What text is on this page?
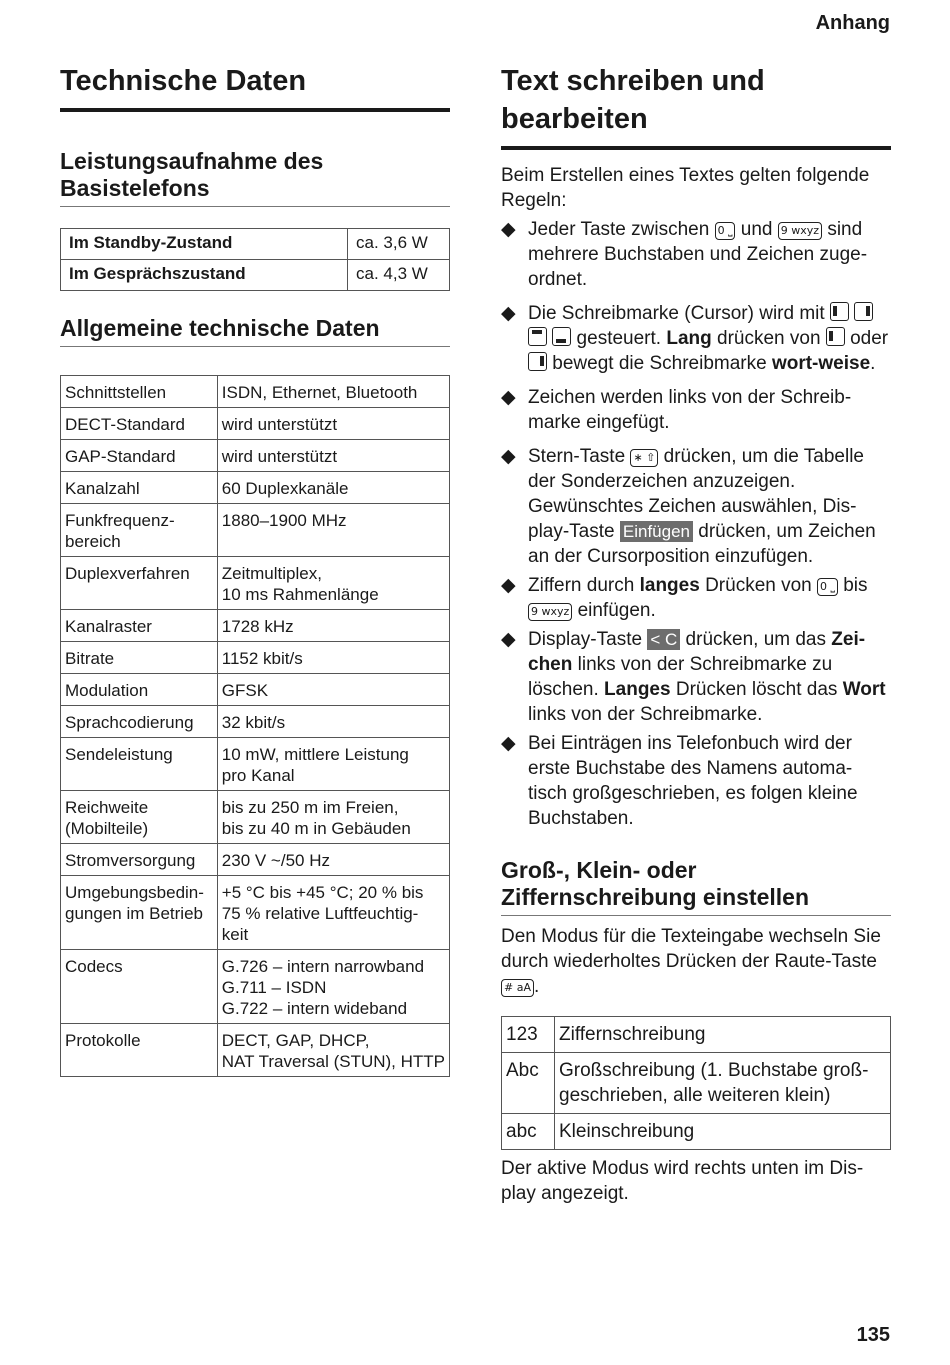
Anhang
Technische Daten
Leistungsaufnahme des
Basistelefons
Im Standby-Zustand	ca. 3,6 W
Im Gesprächszustand	ca. 4,3 W
Allgemeine technische Daten
Schnittstellen	ISDN, Ethernet, Bluetooth
DECT-Standard	wird unterstützt
GAP-Standard	wird unterstützt
Kanalzahl	60 Duplexkanäle
Funkfrequenz-
bereich	1880–1900 MHz
Duplexverfahren	Zeitmultiplex,
10 ms Rahmenlänge
Kanalraster	1728 kHz
Bitrate	1152 kbit/s
Modulation	GFSK
Sprachcodierung	32 kbit/s
Sendeleistung	10 mW, mittlere Leistung
pro Kanal
Reichweite
(Mobilteile)	bis zu 250 m im Freien,
bis zu 40 m in Gebäuden
Stromversorgung	230 V ~/50 Hz
Umgebungsbedin-
gungen im Betrieb	+5 °C bis +45 °C; 20 % bis
75 % relative Luftfeuchtig-
keit
Codecs	G.726 – intern narrowband
G.711 – ISDN
G.722 – intern wideband
Protokolle	DECT, GAP, DHCP,
NAT Traversal (STUN), HTTP
Text schreiben und
bearbeiten

Beim Erstellen eines Textes gelten folgende Regeln:

◆ Jeder Taste zwischen 0 ⎵ und 9 wxyz sind mehrere Buchstaben und Zeichen zuge-ordnet.
◆ Die Schreibmarke (Cursor) wird mit     gesteuert. Lang drücken von  oder  bewegt die Schreibmarke wort-weise.
◆ Zeichen werden links von der Schreib-marke eingefügt.
◆ Stern-Taste ∗ ⇧ drücken, um die Tabelle der Sonderzeichen anzuzeigen. Gewünschtes Zeichen auswählen, Dis-play-Taste Einfügen drücken, um Zeichen an der Cursorposition einzufügen.
◆ Ziffern durch langes Drücken von 0 ⎵ bis 9 wxyz einfügen.
◆ Display-Taste < C drücken, um das Zei-chen links von der Schreibmarke zu löschen. Langes Drücken löscht das Wort links von der Schreibmarke.
◆ Bei Einträgen ins Telefonbuch wird der erste Buchstabe des Namens automa-tisch großgeschrieben, es folgen kleine Buchstaben.
Groß-, Klein- oder
Ziffernschreibung einstellen

Den Modus für die Texteingabe wechseln Sie durch wiederholtes Drücken der Raute-Taste # aA .

123	Ziffernschreibung
Abc	Großschreibung (1. Buchstabe groß-
geschrieben, alle weiteren klein)
abc	Kleinschreibung

Der aktive Modus wird rechts unten im Dis-play angezeigt.

135
